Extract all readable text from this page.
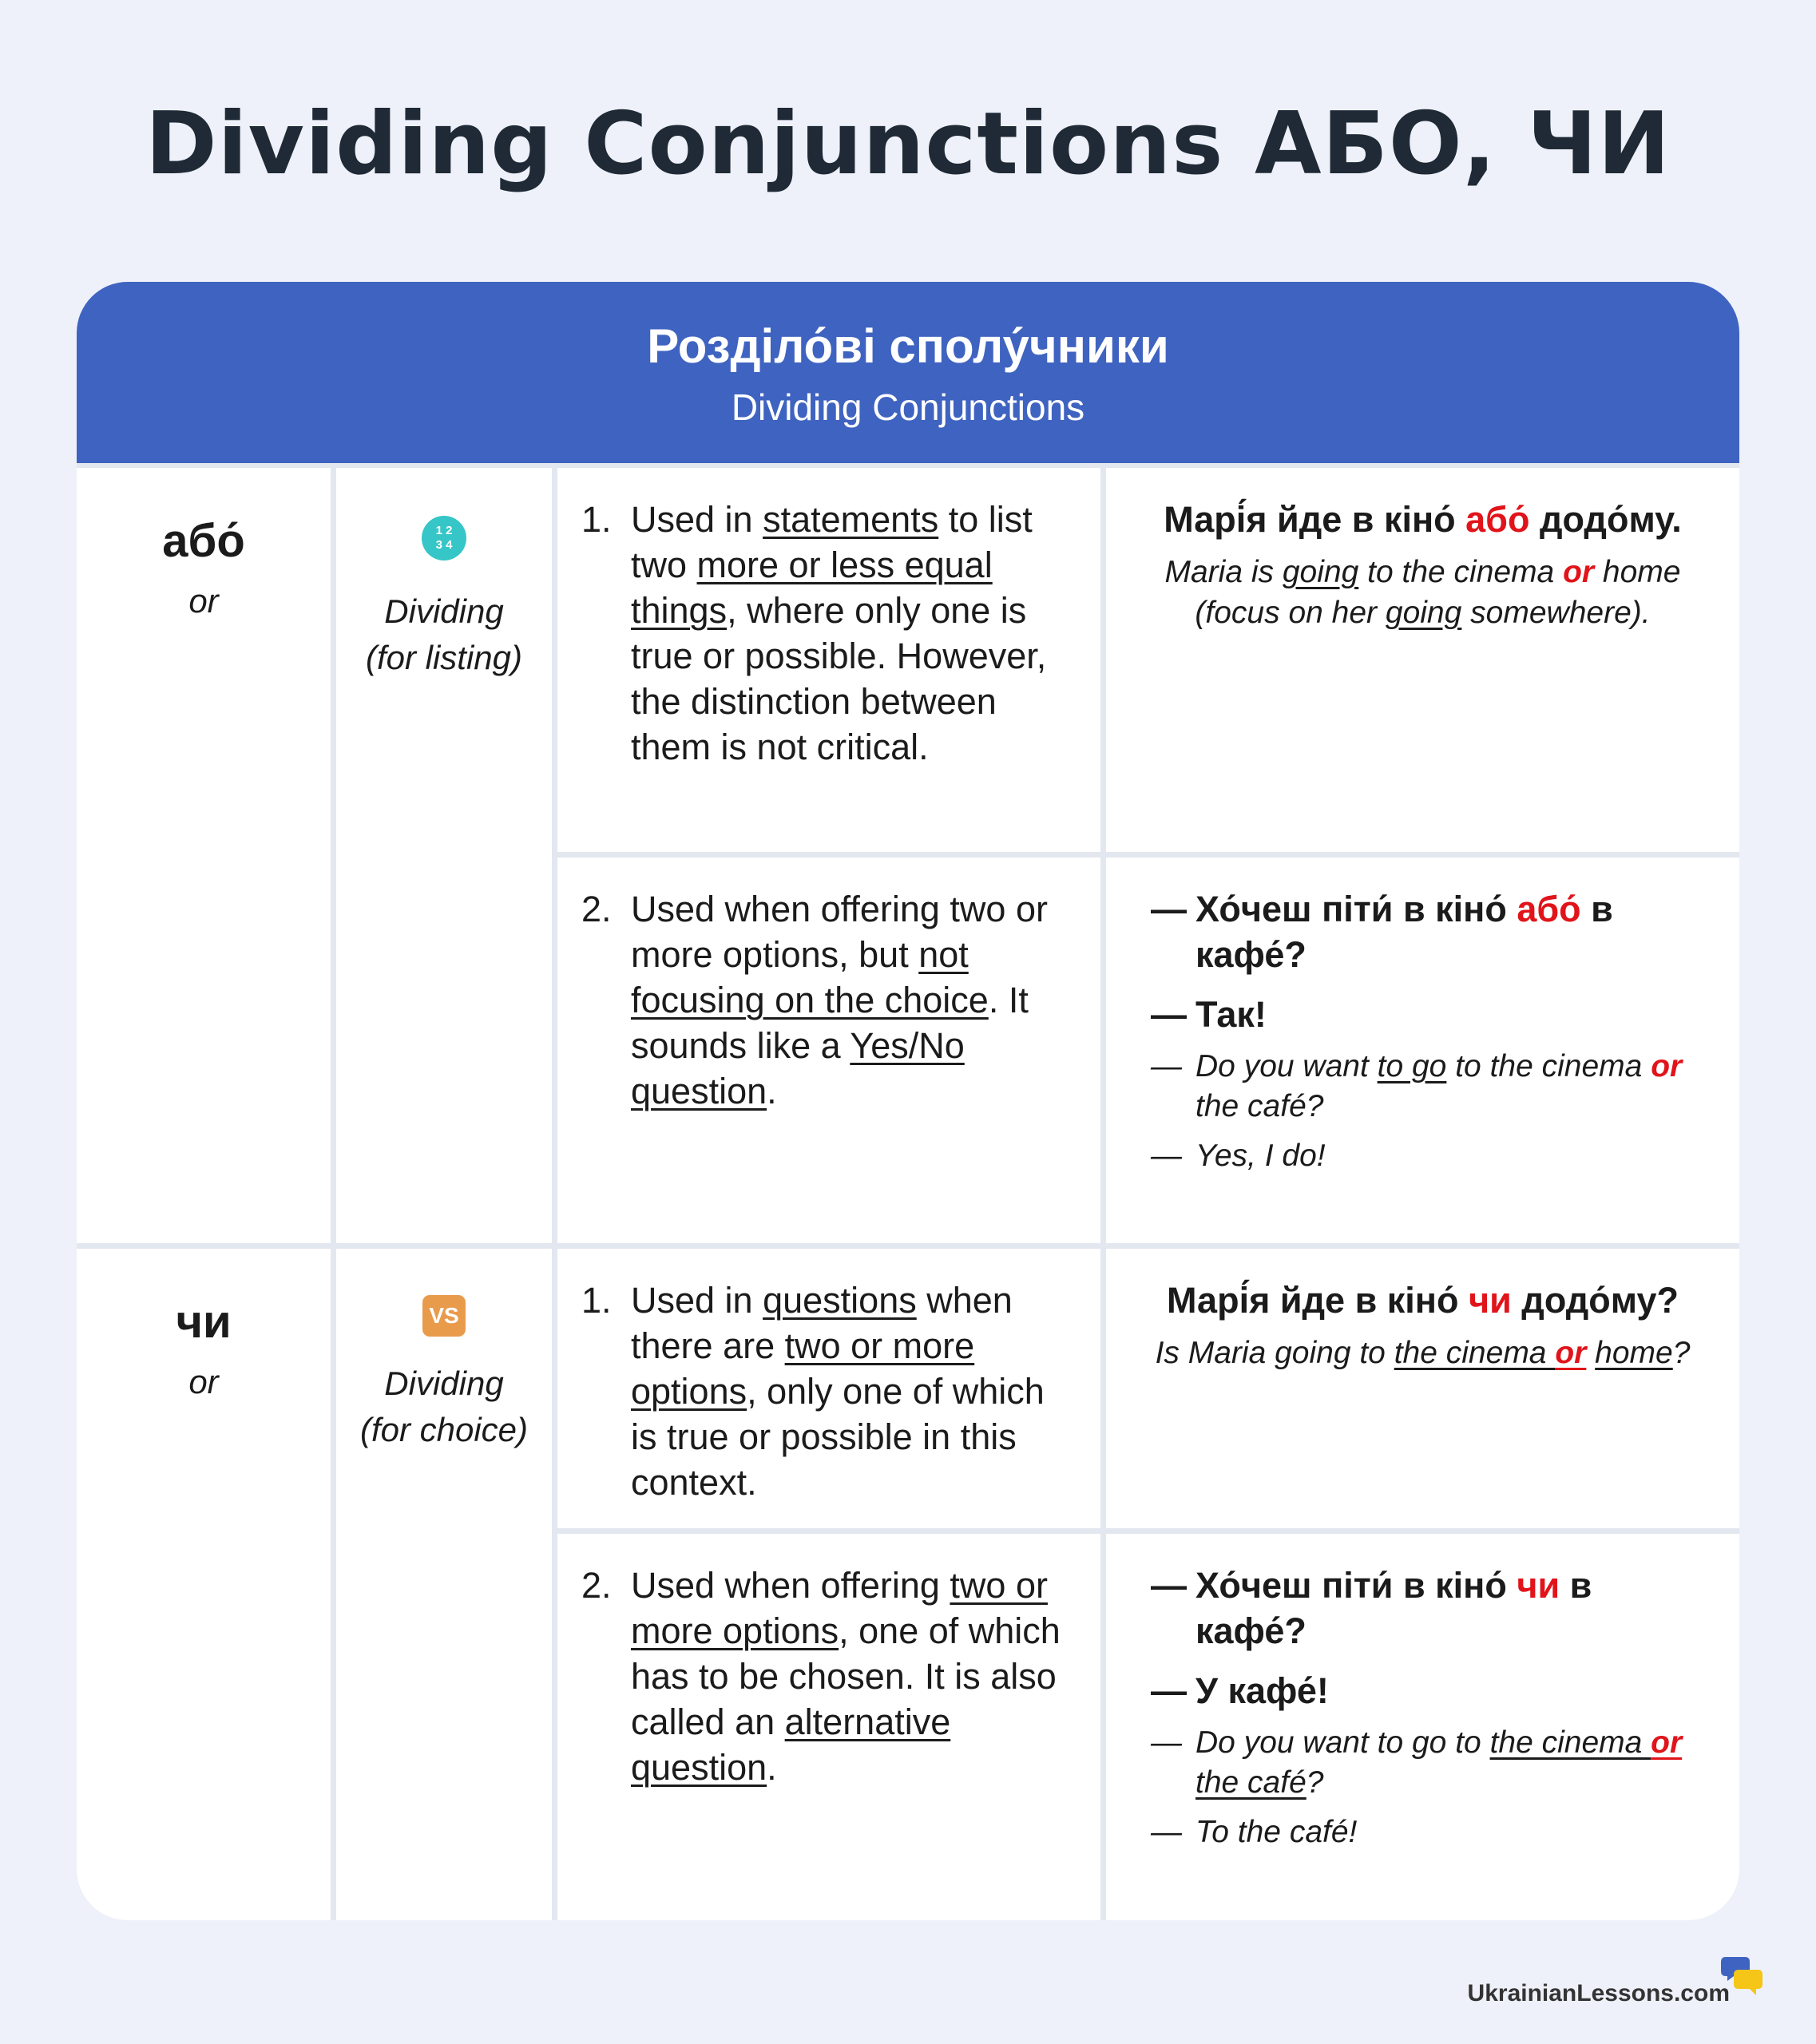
Dividing Conjunctions АБО, ЧИ
Розділо́ві сполу́чники
Dividing Conjunctions
або́
or
1 2
3 4
Dividing
(for listing)
1. Used in statements to list two more or less equal things, where only one is true or possible. However, the distinction between them is not critical.
Марі́я йде в кіно́ або́ додо́му.
Maria is going to the cinema or home (focus on her going somewhere).
2. Used when offering two or more options, but not focusing on the choice. It sounds like a Yes/No question.
— Хо́чеш піти́ в кіно́ або́ в кафе́?
— Так!
— Do you want to go to the cinema or the café?
— Yes, I do!
чи
or
VS
Dividing
(for choice)
1. Used in questions when there are two or more options, only one of which is true or possible in this context.
Марі́я йде в кіно́ чи додо́му?
Is Maria going to the cinema or home?
2. Used when offering two or more options, one of which has to be chosen. It is also called an alternative question.
— Хо́чеш піти́ в кіно́ чи в кафе́?
— У кафе́!
— Do you want to go to the cinema or the café?
— To the café!
UkrainianLessons.com
